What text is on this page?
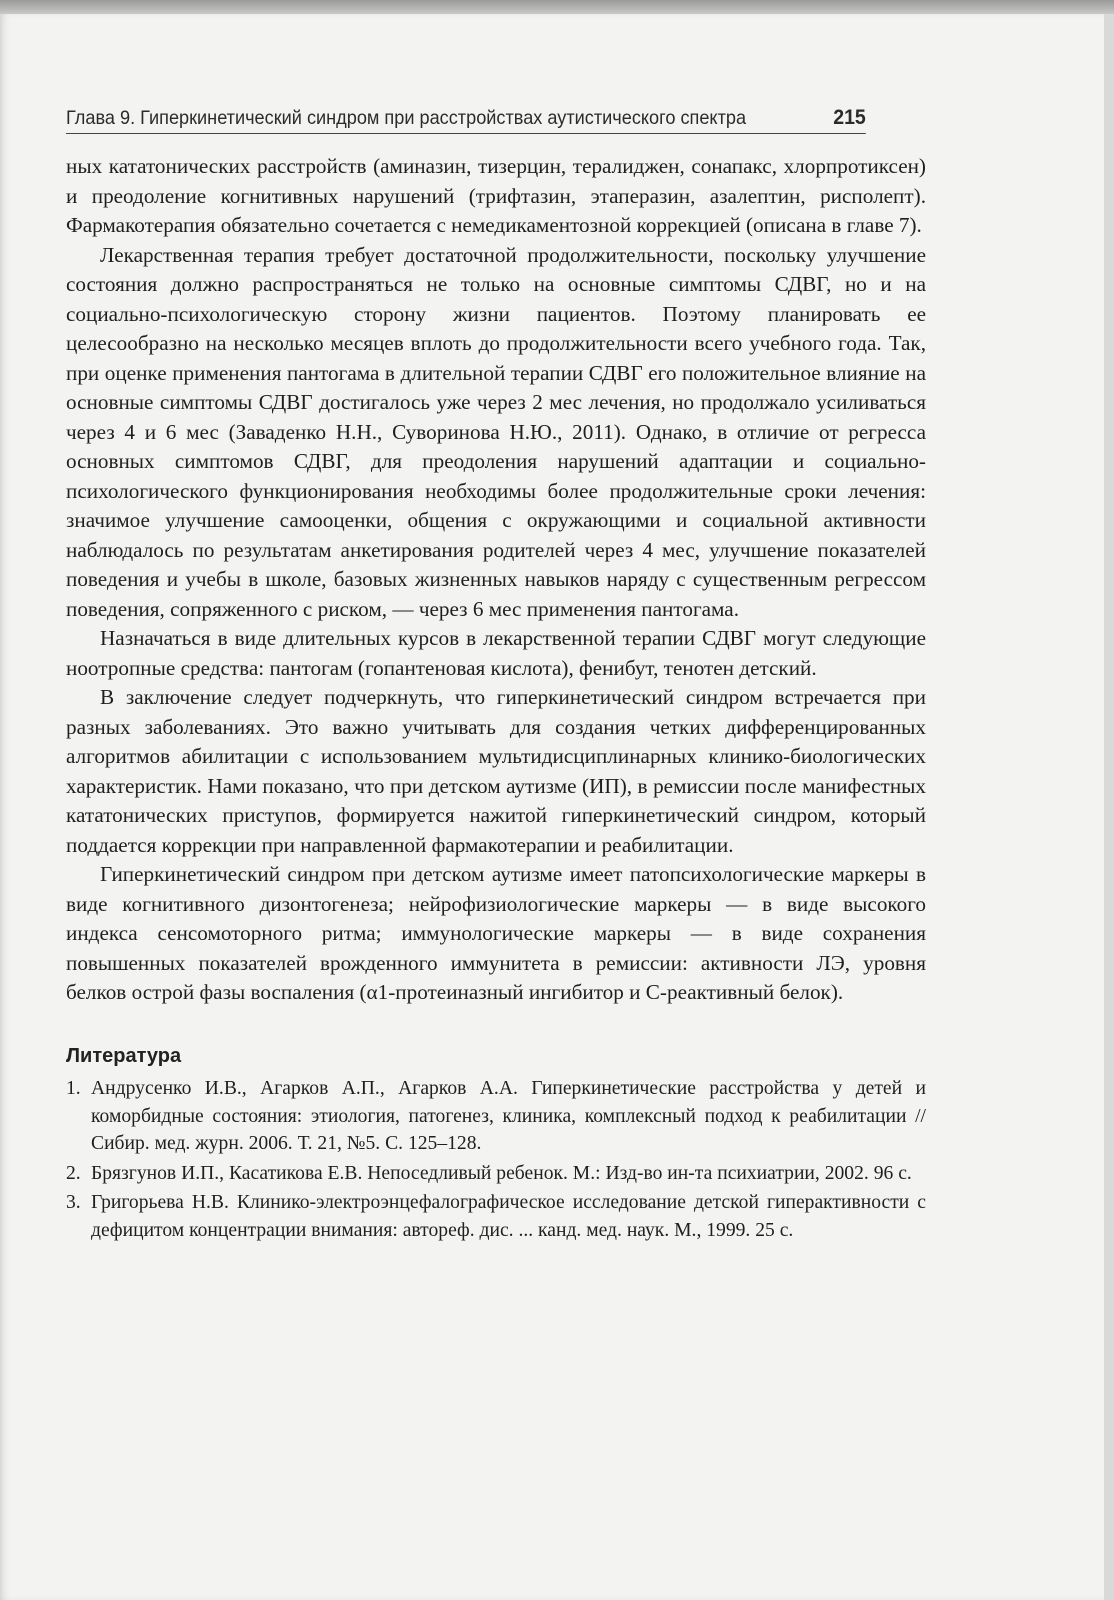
Глава 9. Гиперкинетический синдром при расстройствах аутистического спектра	215

ных кататонических расстройств (аминазин, тизерцин, тералиджен, сонапакс, хлорпротиксен) и преодоление когнитивных нарушений (трифтазин, этаперазин, азалептин, рисполепт). Фармакотерапия обязательно сочетается с немедикаментозной коррекцией (описана в главе 7).

Лекарственная терапия требует достаточной продолжительности, поскольку улучшение состояния должно распространяться не только на основные симптомы СДВГ, но и на социально-психологическую сторону жизни пациентов. Поэтому планировать ее целесообразно на несколько месяцев вплоть до продолжительности всего учебного года. Так, при оценке применения пантогама в длительной терапии СДВГ его положительное влияние на основные симптомы СДВГ достигалось уже через 2 мес лечения, но продолжало усиливаться через 4 и 6 мес (Заваденко Н.Н., Суворинова Н.Ю., 2011). Однако, в отличие от регресса основных симптомов СДВГ, для преодоления нарушений адаптации и социально-психологического функционирования необходимы более продолжительные сроки лечения: значимое улучшение самооценки, общения с окружающими и социальной активности наблюдалось по результатам анкетирования родителей через 4 мес, улучшение показателей поведения и учебы в школе, базовых жизненных навыков наряду с существенным регрессом поведения, сопряженного с риском, — через 6 мес применения пантогама.

Назначаться в виде длительных курсов в лекарственной терапии СДВГ могут следующие ноотропные средства: пантогам (гопантеновая кислота), фенибут, тенотен детский.

В заключение следует подчеркнуть, что гиперкинетический синдром встречается при разных заболеваниях. Это важно учитывать для создания четких дифференцированных алгоритмов абилитации с использованием мультидисциплинарных клинико-биологических характеристик. Нами показано, что при детском аутизме (ИП), в ремиссии после манифестных кататонических приступов, формируется нажитой гиперкинетический синдром, который поддается коррекции при направленной фармакотерапии и реабилитации.

Гиперкинетический синдром при детском аутизме имеет патопсихологические маркеры в виде когнитивного дизонтогенеза; нейрофизиологические маркеры — в виде высокого индекса сенсомоторного ритма; иммунологические маркеры — в виде сохранения повышенных показателей врожденного иммунитета в ремиссии: активности ЛЭ, уровня белков острой фазы воспаления (α1-протеиназный ингибитор и С-реактивный белок).

Литература
1. Андрусенко И.В., Агарков А.П., Агарков А.А. Гиперкинетические расстройства у детей и коморбидные состояния: этиология, патогенез, клиника, комплексный подход к реабилитации // Сибир. мед. журн. 2006. Т. 21, №5. С. 125–128.
2. Брязгунов И.П., Касатикова Е.В. Непоседливый ребенок. М.: Изд-во ин-та психиатрии, 2002. 96 с.
3. Григорьева Н.В. Клинико-электроэнцефалографическое исследование детской гиперактивности с дефицитом концентрации внимания: автореф. дис. ... канд. мед. наук. М., 1999. 25 с.
